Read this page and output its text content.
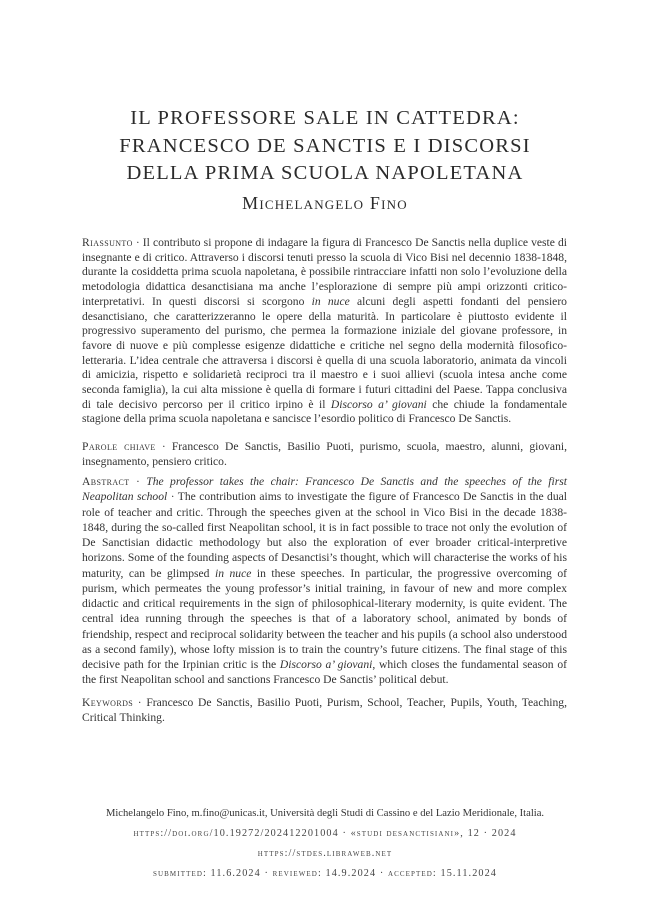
IL PROFESSORE SALE IN CATTEDRA:
FRANCESCO DE SANCTIS E I DISCORSI
DELLA PRIMA SCUOLA NAPOLETANA
Michelangelo Fino
Riassunto · Il contributo si propone di indagare la figura di Francesco De Sanctis nella duplice veste di insegnante e di critico. Attraverso i discorsi tenuti presso la scuola di Vico Bisi nel decennio 1838-1848, durante la cosiddetta prima scuola napoletana, è possibile rintracciare infatti non solo l’evoluzione della metodologia didattica desanctisiana ma anche l’esplorazione di sempre più ampi orizzonti critico-interpretativi. In questi discorsi si scorgono in nuce alcuni degli aspetti fondanti del pensiero desanctisiano, che caratterizzeranno le opere della maturità. In particolare è piuttosto evidente il progressivo superamento del purismo, che permea la formazione iniziale del giovane professore, in favore di nuove e più complesse esigenze didattiche e critiche nel segno della modernità filosofico-letteraria. L’idea centrale che attraversa i discorsi è quella di una scuola laboratorio, animata da vincoli di amicizia, rispetto e solidarietà reciproci tra il maestro e i suoi allievi (scuola intesa anche come seconda famiglia), la cui alta missione è quella di formare i futuri cittadini del Paese. Tappa conclusiva di tale decisivo percorso per il critico irpino è il Discorso a’ giovani che chiude la fondamentale stagione della prima scuola napoletana e sancisce l’esordio politico di Francesco De Sanctis.
Parole chiave · Francesco De Sanctis, Basilio Puoti, purismo, scuola, maestro, alunni, giovani, insegnamento, pensiero critico.
Abstract · The professor takes the chair: Francesco De Sanctis and the speeches of the first Neapolitan school · The contribution aims to investigate the figure of Francesco De Sanctis in the dual role of teacher and critic. Through the speeches given at the school in Vico Bisi in the decade 1838-1848, during the so-called first Neapolitan school, it is in fact possible to trace not only the evolution of De Sanctisian didactic methodology but also the exploration of ever broader critical-interpretive horizons. Some of the founding aspects of Desanctisi’s thought, which will characterise the works of his maturity, can be glimpsed in nuce in these speeches. In particular, the progressive overcoming of purism, which permeates the young professor’s initial training, in favour of new and more complex didactic and critical requirements in the sign of philosophical-literary modernity, is quite evident. The central idea running through the speeches is that of a laboratory school, animated by bonds of friendship, respect and reciprocal solidarity between the teacher and his pupils (a school also understood as a second family), whose lofty mission is to train the country’s future citizens. The final stage of this decisive path for the Irpinian critic is the Discorso a’ giovani, which closes the fundamental season of the first Neapolitan school and sanctions Francesco De Sanctis’ political debut.
Keywords · Francesco De Sanctis, Basilio Puoti, Purism, School, Teacher, Pupils, Youth, Teaching, Critical Thinking.
Michelangelo Fino, m.fino@unicas.it, Università degli Studi di Cassino e del Lazio Meridionale, Italia.
https://doi.org/10.19272/202412201004 · «studi desanctisiani», 12 · 2024
https://stdes.libraweb.net
submitted: 11.6.2024 · reviewed: 14.9.2024 · accepted: 15.11.2024
